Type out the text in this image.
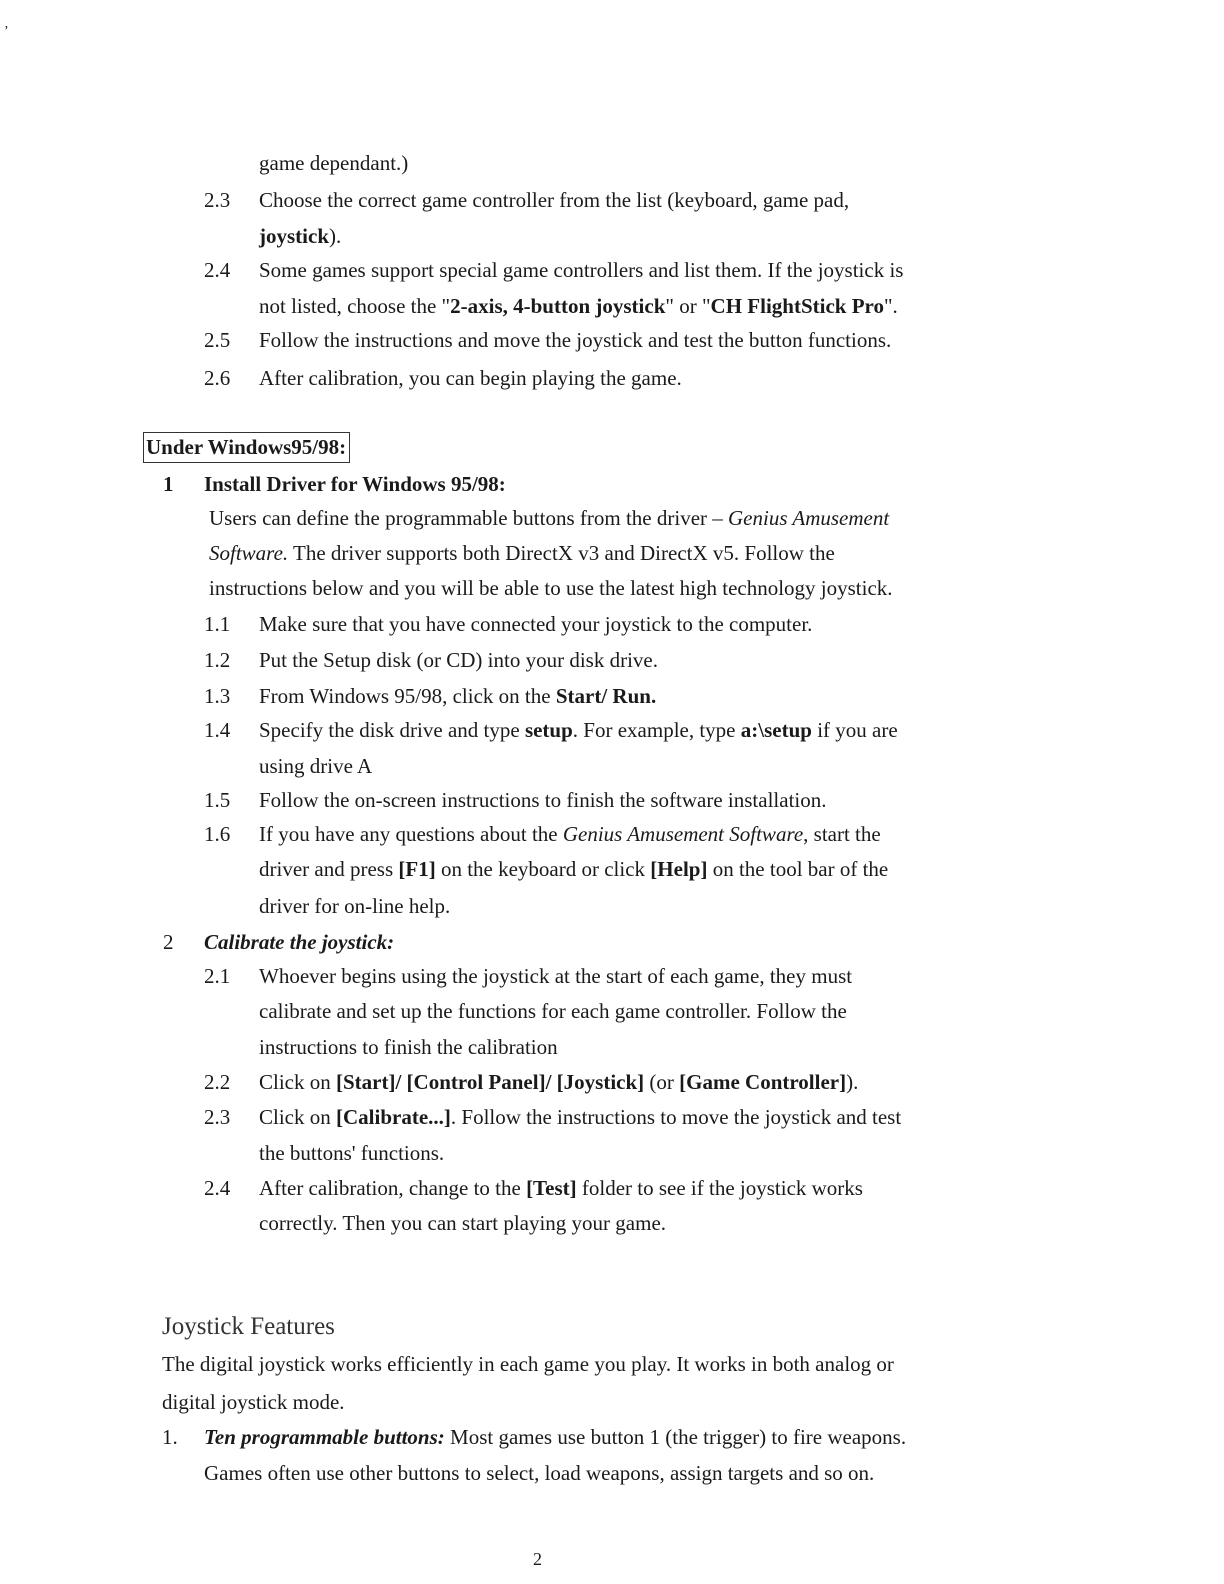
ʼ
game dependant.)
2.3 Choose the correct game controller from the list (keyboard, game pad,
joystick).
2.4 Some games support special game controllers and list them. If the joystick is
not listed, choose the "2-axis, 4-button joystick" or "CH FlightStick Pro".
2.5 Follow the instructions and move the joystick and test the button functions.
2.6 After calibration, you can begin playing the game.
Under Windows95/98:
1 Install Driver for Windows 95/98:
Users can define the programmable buttons from the driver – Genius Amusement
Software. The driver supports both DirectX v3 and DirectX v5. Follow the
instructions below and you will be able to use the latest high technology joystick.
1.1 Make sure that you have connected your joystick to the computer.
1.2 Put the Setup disk (or CD) into your disk drive.
1.3 From Windows 95/98, click on the Start/ Run.
1.4 Specify the disk drive and type setup. For example, type a:\setup if you are
using drive A
1.5 Follow the on-screen instructions to finish the software installation.
1.6 If you have any questions about the Genius Amusement Software, start the
driver and press [F1] on the keyboard or click [Help] on the tool bar of the
driver for on-line help.
2 Calibrate the joystick:
2.1 Whoever begins using the joystick at the start of each game, they must
calibrate and set up the functions for each game controller. Follow the
instructions to finish the calibration
2.2 Click on [Start]/ [Control Panel]/ [Joystick] (or [Game Controller]).
2.3 Click on [Calibrate...]. Follow the instructions to move the joystick and test
the buttons' functions.
2.4 After calibration, change to the [Test] folder to see if the joystick works
correctly. Then you can start playing your game.
Joystick Features
The digital joystick works efficiently in each game you play. It works in both analog or
digital joystick mode.
1. Ten programmable buttons: Most games use button 1 (the trigger) to fire weapons.
Games often use other buttons to select, load weapons, assign targets and so on.
2
